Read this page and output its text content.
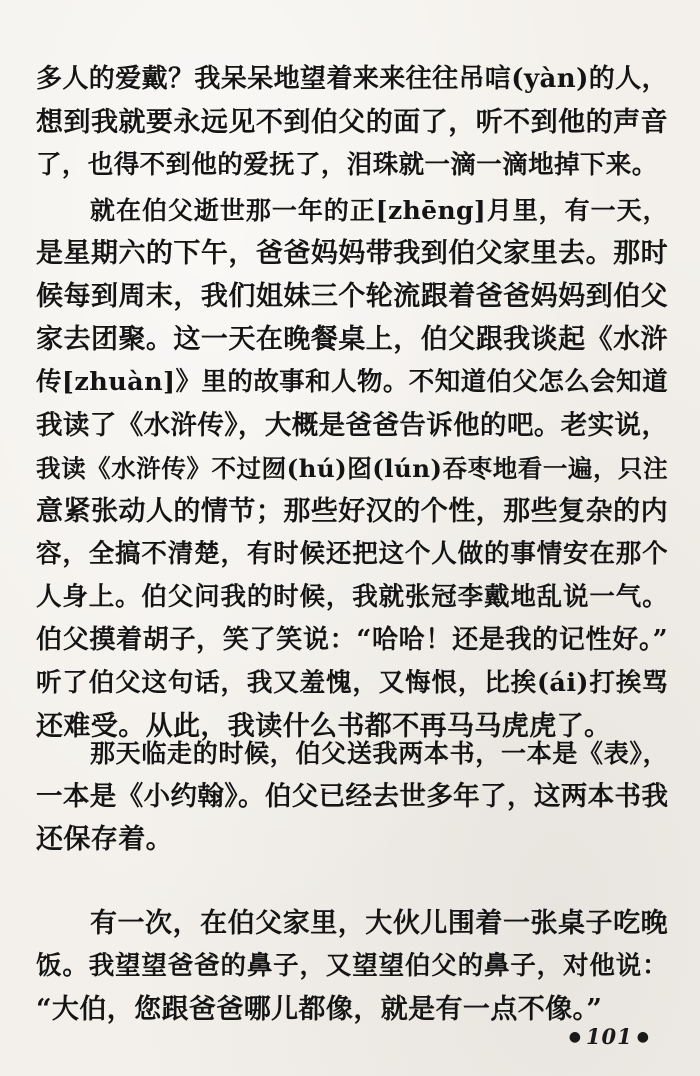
多人的爱戴？我呆呆地望着来来往往吊唁(yàn)的人，
想到我就要永远见不到伯父的面了，听不到他的声音
了，也得不到他的爱抚了，泪珠就一滴一滴地掉下来。
就在伯父逝世那一年的正[zhēng]月里，有一天，
是星期六的下午，爸爸妈妈带我到伯父家里去。那时
候每到周末，我们姐妹三个轮流跟着爸爸妈妈到伯父
家去团聚。这一天在晚餐桌上，伯父跟我谈起《水浒
传[zhuàn]》里的故事和人物。不知道伯父怎么会知道
我读了《水浒传》，大概是爸爸告诉他的吧。老实说，
我读《水浒传》不过囫(hú)囵(lún)吞枣地看一遍，只注
意紧张动人的情节；那些好汉的个性，那些复杂的内
容，全搞不清楚，有时候还把这个人做的事情安在那个
人身上。伯父问我的时候，我就张冠李戴地乱说一气。
伯父摸着胡子，笑了笑说：“哈哈！还是我的记性好。”
听了伯父这句话，我又羞愧，又悔恨，比挨(ái)打挨骂
还难受。从此，我读什么书都不再马马虎虎了。
那天临走的时候，伯父送我两本书，一本是《表》，
一本是《小约翰》。伯父已经去世多年了，这两本书我
还保存着。
有一次，在伯父家里，大伙儿围着一张桌子吃晚
饭。我望望爸爸的鼻子，又望望伯父的鼻子，对他说：
“大伯，您跟爸爸哪儿都像，就是有一点不像。”
● 101 ●
